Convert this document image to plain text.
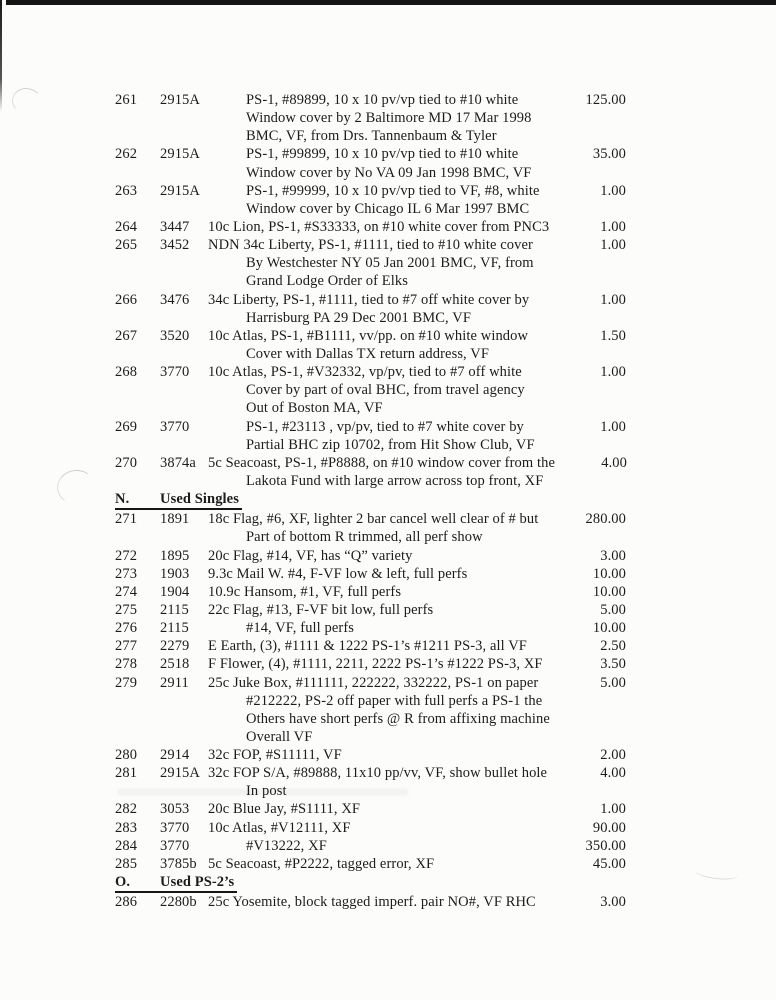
261	2915A	PS-1, #89899, 10 x 10 pv/vp tied to #10 white
Window cover by 2 Baltimore MD 17 Mar 1998
BMC, VF, from Drs. Tannenbaum & Tyler
125.00
262	2915A	PS-1, #99899, 10 x 10 pv/vp tied to #10 white
Window cover by No VA 09 Jan 1998 BMC, VF
35.00
263	2915A	PS-1, #99999, 10 x 10 pv/vp tied to VF, #8, white
Window cover by Chicago IL 6 Mar 1997 BMC
1.00
264	3447	10c Lion, PS-1, #S33333, on #10 white cover from PNC3	1.00
265	3452	NDN 34c Liberty, PS-1, #1111, tied to #10 white cover
By Westchester NY 05 Jan 2001 BMC, VF, from
Grand Lodge Order of Elks
1.00
266	3476	34c Liberty, PS-1, #1111, tied to #7 off white cover by
Harrisburg PA 29 Dec 2001 BMC, VF
1.00
267	3520	10c Atlas, PS-1, #B1111, vv/pp. on #10 white window
Cover with Dallas TX return address, VF
1.50
268	3770	10c Atlas, PS-1, #V32332, vp/pv, tied to #7 off white
Cover by part of oval BHC, from travel agency
Out of Boston MA, VF
1.00
269	3770	PS-1, #23113 , vp/pv, tied to #7 white cover by
Partial BHC zip 10702, from Hit Show Club, VF
1.00
270	3874a 5c Seacoast, PS-1, #P8888, on #10 window cover from the
Lakota Fund with large arrow across top front, XF
4.00
N.	Used Singles
271	1891	18c Flag, #6, XF, lighter 2 bar cancel well clear of # but
Part of bottom R trimmed, all perf show
280.00
272	1895	20c Flag, #14, VF, has “Q” variety	3.00
273	1903	9.3c Mail W. #4, F-VF low & left, full perfs	10.00
274	1904	10.9c Hansom, #1, VF, full perfs	10.00
275	2115	22c Flag, #13, F-VF bit low, full perfs	5.00
276	2115	#14, VF, full perfs	10.00
277	2279	E Earth, (3), #1111 & 1222 PS-1’s #1211 PS-3, all VF	2.50
278	2518	F Flower, (4), #1111, 2211, 2222 PS-1’s #1222 PS-3, XF	3.50
279	2911	25c Juke Box, #111111, 222222, 332222, PS-1 on paper
#212222, PS-2 off paper with full perfs a PS-1 the
Others have short perfs @ R from affixing machine
Overall VF
5.00
280	2914	32c FOP, #S11111, VF	2.00
281	2915A 32c FOP S/A, #89888, 11x10 pp/vv, VF, show bullet hole
In post
4.00
282	3053	20c Blue Jay, #S1111, XF	1.00
283	3770	10c Atlas, #V12111, XF	90.00
284	3770	#V13222, XF	350.00
285	3785b 5c Seacoast, #P2222, tagged error, XF	45.00
O.	Used PS-2’s
286	2280b 25c Yosemite, block tagged imperf. pair NO#, VF RHC	3.00
